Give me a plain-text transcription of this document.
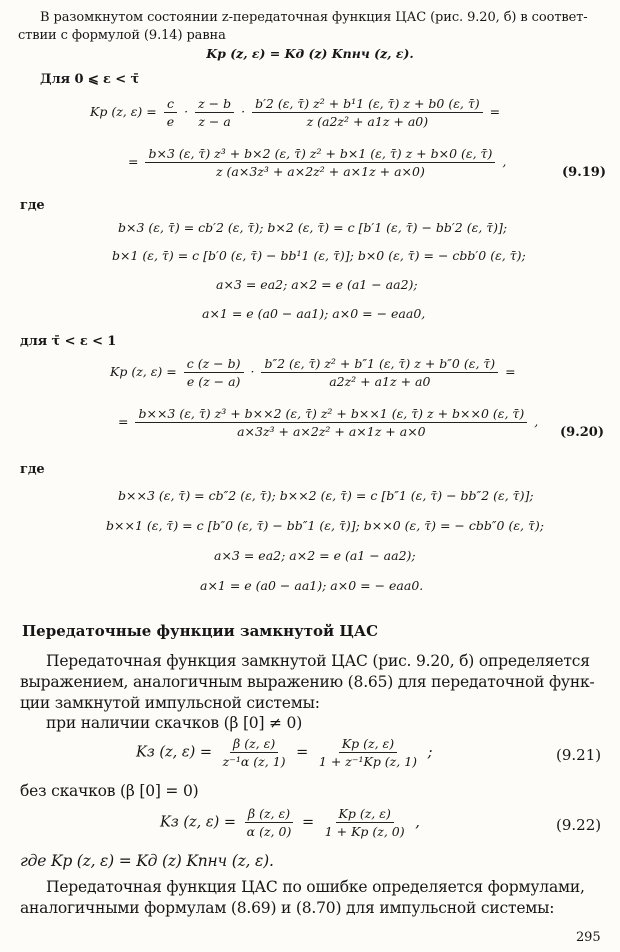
В разомкнутом состоянии z-передаточная функция ЦАС (рис. 9.20, б) в соответ-

ствии с формулой (9.14) равна

Kр (z, ε) = Kд (z) Kпнч (z, ε).

Для 0 ⩽ ε < τ̄

Kр (z, $\varepsilon) = \frac{c}{e} \cdot \frac{z - b}{z - a} \cdot \frac{\text{b′2 (ε, τ̄) z² + b¹1 (ε, τ̄) z + b0 (ε, τ̄)}}{\text{z (a2z² + a1z + a0)}}$ =
=
b×3 (ε, τ̄) z³ + b×2 (ε, τ̄) z² + b×1 (ε, τ̄) z + b×0 (ε, τ̄)
z (a×3z³ + a×2z² + a×1z + a×0)
,
(9.19)

где

b×3 (ε, τ̄) = cb′2 (ε, τ̄); b×2 (ε, τ̄) = c [b′1 (ε, τ̄) − bb′2 (ε, τ̄)];

b×1 (ε, τ̄) = c [b′0 (ε, τ̄) − bb¹1 (ε, τ̄)]; b×0 (ε, τ̄) = − cbb′0 (ε, τ̄);

a×3 = ea2; a×2 = e (a1 − aa2);

a×1 = e (a0 − aa1); a×0 = − eaa0,

для τ̄ < ε < 1

Kр (z, $\varepsilon) = \frac{c (z - b)}{e (z - a)} \cdot \frac{\text{b″2 (ε, τ̄) z² + b″1 (ε, τ̄) z + b″0 (ε, τ̄)}}{\text{a2z² + a1z + a0}}$ =
=
b××3 (ε, τ̄) z³ + b××2 (ε, τ̄) z² + b××1 (ε, τ̄) z + b××0 (ε, τ̄)
a×3z³ + a×2z² + a×1z + a×0
,
(9.20)

где

b××3 (ε, τ̄) = cb″2 (ε, τ̄); b××2 (ε, τ̄) = c [b″1 (ε, τ̄) − bb″2 (ε, τ̄)];

b××1 (ε, τ̄) = c [b″0 (ε, τ̄) − bb″1 (ε, τ̄)]; b××0 (ε, τ̄) = − cbb″0 (ε, τ̄);

a×3 = ea2; a×2 = e (a1 − aa2);

a×1 = e (a0 − aa1); a×0 = − eaa0.

Передаточные функции замкнутой ЦАС

Передаточная функция замкнутой ЦАС (рис. 9.20, б) определяется

выражением, аналогичным выражению (8.65) для передаточной функ-

ции замкнутой импульсной системы:

при наличии скачков (β [0] ≠ 0)

Kз (z, $\varepsilon) = \frac{\beta (z, \varepsilon)}{\text{z⁻¹α (z, 1)}} = \frac{Kр (z, \varepsilon)}{\text{1 + z⁻¹Kр (z, 1)}}$ ;	(9.21)

без скачков (β [0] = 0)

Kз (z, $\varepsilon) = \frac{\beta (z, \varepsilon)}{\alpha (z, 0)} = \frac{Kр (z, \varepsilon)}{1 + Kр (z, 0)}$ ,	(9.22)

где Kр (z, ε) = Kд (z) Kпнч (z, ε).

Передаточная функция ЦАС по ошибке определяется формулами,

аналогичными формулам (8.69) и (8.70) для импульсной системы:

295
